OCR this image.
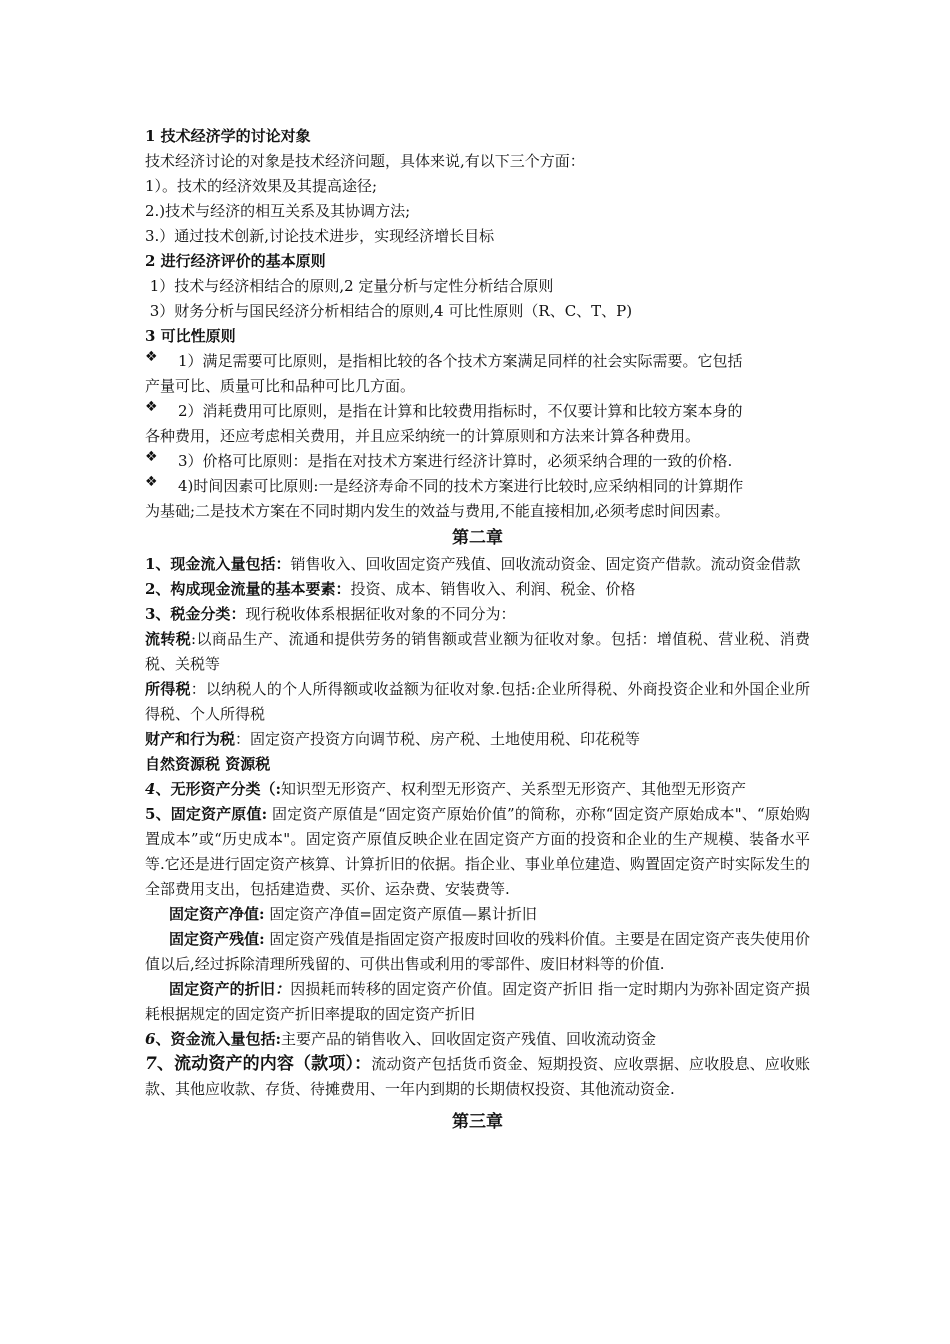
1 技术经济学的讨论对象

技术经济讨论的对象是技术经济问题，具体来说,有以下三个方面：

1）。技术的经济效果及其提高途径;

2.)技术与经济的相互关系及其协调方法;

3.）通过技术创新,讨论技术进步，实现经济增长目标

2 进行经济评价的基本原则

1）技术与经济相结合的原则,2 定量分析与定性分析结合原则

3）财务分析与国民经济分析相结合的原则,4 可比性原则（R、C、T、P)

3 可比性原则

❖	1）满足需要可比原则，是指相比较的各个技术方案满足同样的社会实际需要。它包括
产量可比、质量可比和品种可比几方面。

❖	2）消耗费用可比原则，是指在计算和比较费用指标时，不仅要计算和比较方案本身的
各种费用，还应考虑相关费用，并且应采纳统一的计算原则和方法来计算各种费用。

❖	3）价格可比原则：是指在对技术方案进行经济计算时，必须采纳合理的一致的价格.

❖	4)时间因素可比原则:一是经济寿命不同的技术方案进行比较时,应采纳相同的计算期作
为基础;二是技术方案在不同时期内发生的效益与费用,不能直接相加,必须考虑时间因素。

第二章

1、现金流入量包括：销售收入、回收固定资产残值、回收流动资金、固定资产借款。流动资金借款

2、构成现金流量的基本要素：投资、成本、销售收入、利润、税金、价格

3、税金分类：现行税收体系根据征收对象的不同分为：

流转税:以商品生产、流通和提供劳务的销售额或营业额为征收对象。包括：增值税、营业税、消费税、关税等

所得税：以纳税人的个人所得额或收益额为征收对象.包括:企业所得税、外商投资企业和外国企业所得税、个人所得税

财产和行为税：固定资产投资方向调节税、房产税、土地使用税、印花税等

自然资源税 资源税

4、无形资产分类（:知识型无形资产、权利型无形资产、关系型无形资产、其他型无形资产

5、固定资产原值: 固定资产原值是“固定资产原始价值”的简称，亦称“固定资产原始成本"、“原始购置成本”或“历史成本"。固定资产原值反映企业在固定资产方面的投资和企业的生产规模、装备水平等.它还是进行固定资产核算、计算折旧的依据。指企业、事业单位建造、购置固定资产时实际发生的全部费用支出，包括建造费、买价、运杂费、安装费等.

固定资产净值: 固定资产净值=固定资产原值—累计折旧

固定资产残值: 固定资产残值是指固定资产报废时回收的残料价值。主要是在固定资产丧失使用价值以后,经过拆除清理所残留的、可供出售或利用的零部件、废旧材料等的价值.

固定资产的折旧：因损耗而转移的固定资产价值。固定资产折旧 指一定时期内为弥补固定资产损耗根据规定的固定资产折旧率提取的固定资产折旧

6、资金流入量包括:主要产品的销售收入、回收固定资产残值、回收流动资金

7、流动资产的内容（款项）：流动资产包括货币资金、短期投资、应收票据、应收股息、应收账款、其他应收款、存货、待摊费用、一年内到期的长期债权投资、其他流动资金.

第三章
